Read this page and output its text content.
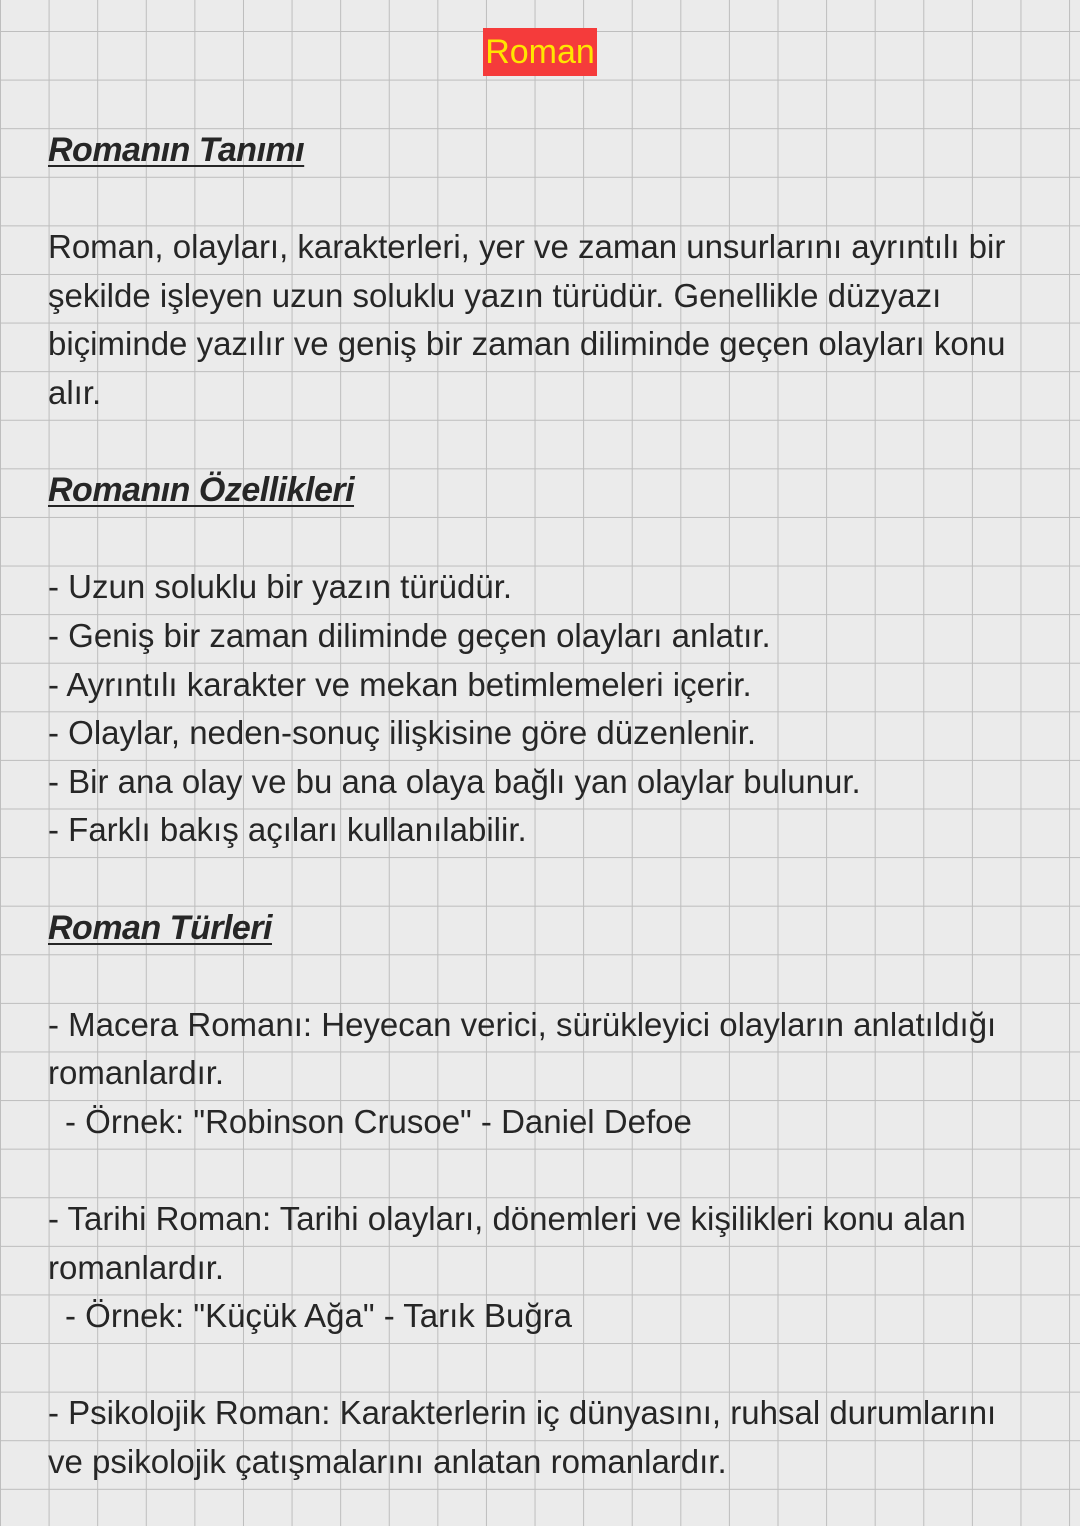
Roman
Romanın Tanımı

Roman, olayları, karakterleri, yer ve zaman unsurlarını ayrıntılı bir şekilde işleyen uzun soluklu yazın türüdür. Genellikle düzyazı biçiminde yazılır ve geniş bir zaman diliminde geçen olayları konu alır.

Romanın Özellikleri
- Uzun soluklu bir yazın türüdür.
- Geniş bir zaman diliminde geçen olayları anlatır.
- Ayrıntılı karakter ve mekan betimlemeleri içerir.
- Olaylar, neden-sonuç ilişkisine göre düzenlenir.
- Bir ana olay ve bu ana olaya bağlı yan olaylar bulunur.
- Farklı bakış açıları kullanılabilir.
Roman Türleri

- Macera Romanı: Heyecan verici, sürükleyici olayların anlatıldığı romanlardır.

- Örnek: "Robinson Crusoe" - Daniel Defoe

- Tarihi Roman: Tarihi olayları, dönemleri ve kişilikleri konu alan romanlardır.

- Örnek: "Küçük Ağa" - Tarık Buğra

- Psikolojik Roman: Karakterlerin iç dünyasını, ruhsal durumlarını ve psikolojik çatışmalarını anlatan romanlardır.
